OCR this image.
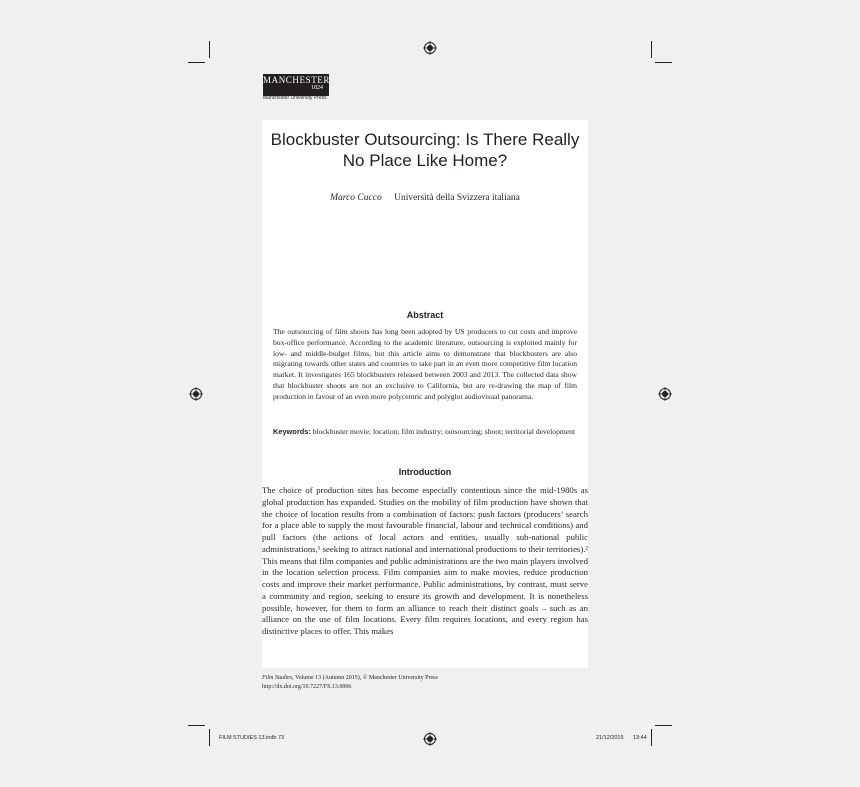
MANCHESTER
1824
Manchester University Press
Blockbuster Outsourcing: Is There Really No Place Like Home?
Marco Cucco Università della Svizzera italiana
Abstract
The outsourcing of film shoots has long been adopted by US producers to cut costs and improve box-office performance. According to the academic literature, outsourcing is exploited mainly for low- and middle-budget films, but this article aims to demonstrate that blockbusters are also migrating towards other states and countries to take part in an even more competitive film location market. It investigates 165 blockbusters released between 2003 and 2013. The collected data show that blockbuster shoots are not an exclusive to California, but are re-drawing the map of film production in favour of an even more polycentric and polyglot audiovisual panorama.
Keywords: blockbuster movie; location; film industry; outsourcing; shoot; territorial development
Introduction
The choice of production sites has become especially contentious since the mid-1980s as global production has expanded. Studies on the mobility of film production have shown that the choice of location results from a combination of factors: push factors (producers’ search for a place able to supply the most favourable financial, labour and technical conditions) and pull factors (the actions of local actors and entities, usually sub-national public administrations,¹ seeking to attract national and international productions to their territories).² This means that film companies and public administrations are the two main players involved in the location selection process. Film companies aim to make movies, reduce production costs and improve their market performance. Public administrations, by contrast, must serve a community and region, seeking to ensure its growth and development. It is nonetheless possible, however, for them to form an alliance to reach their distinct goals – such as an alliance on the use of film locations. Every film requires locations, and every region has distinctive places to offer. This makes
Film Studies, Volume 13 (Autumn 2015), © Manchester University Press
http://dx.doi.org/10.7227/FS.13.0006
FILM STUDIES 13.indb 73	21/12/2015 13:44
